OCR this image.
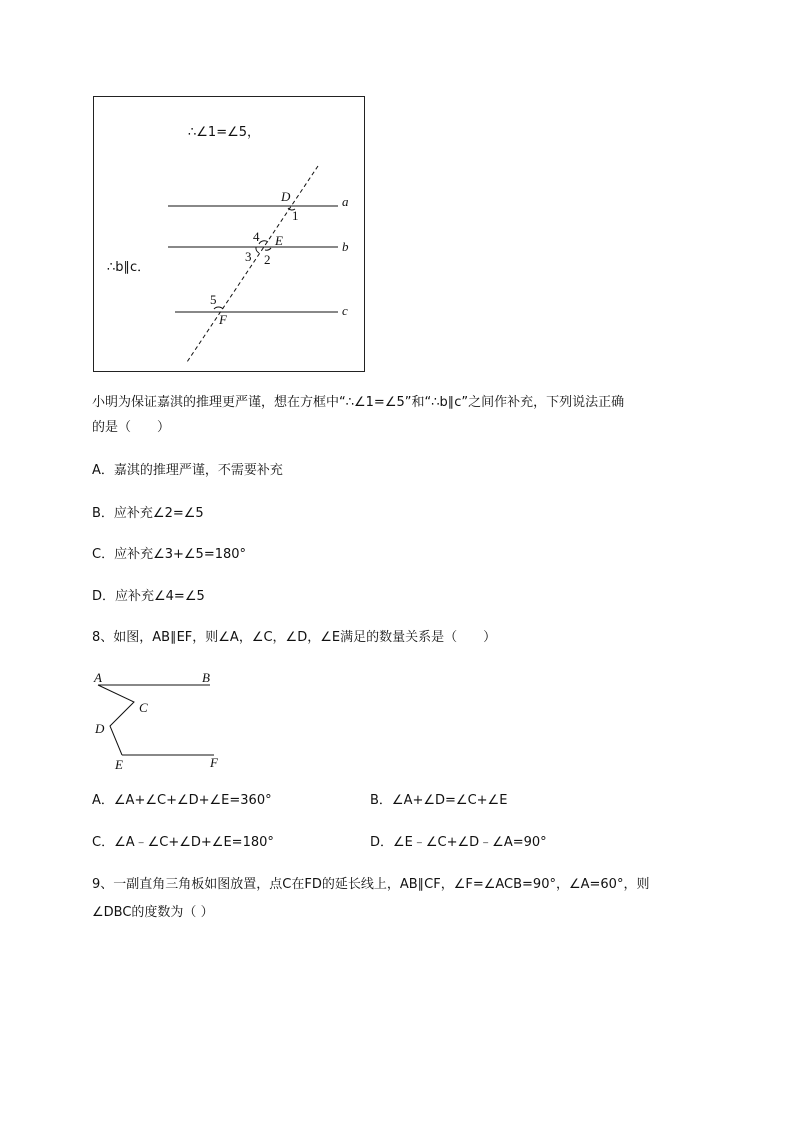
∴∠1=∠5，
∴b∥c．
a
b
c
D
E
F
1
2
3
4
5
A	B
C
D
E	F
小明为保证嘉淇的推理更严谨，想在方框中“∴∠1=∠5”和“∴b∥c”之间作补充，下列说法正确
的是（　　）
A．嘉淇的推理严谨，不需要补充
B．应补充∠2=∠5
C．应补充∠3+∠5=180°
D．应补充∠4=∠5
8、如图，AB∥EF，则∠A，∠C，∠D，∠E满足的数量关系是（　　）
A．∠A+∠C+∠D+∠E=360°	B．∠A+∠D=∠C+∠E
C．∠A﹣∠C+∠D+∠E=180°	D．∠E﹣∠C+∠D﹣∠A=90°
9、一副直角三角板如图放置，点C在FD的延长线上，AB∥CF，∠F=∠ACB=90°，∠A=60°，则
∠DBC的度数为（ ）
